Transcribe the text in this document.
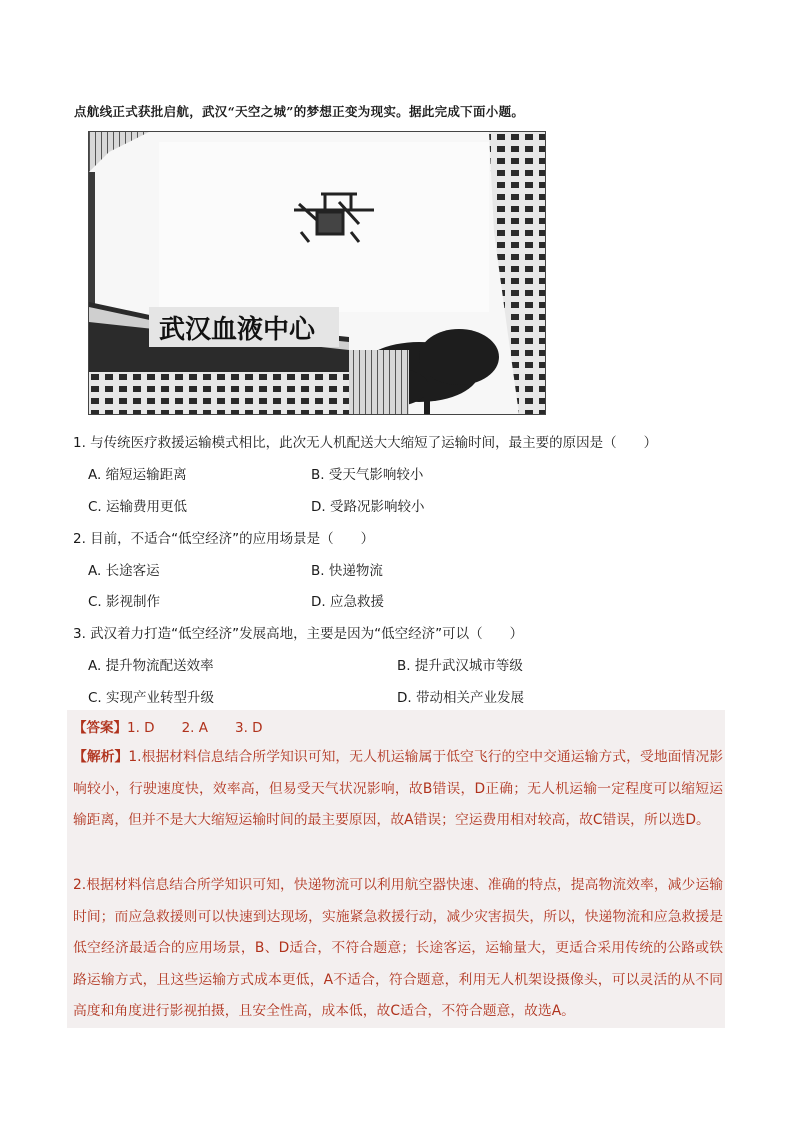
点航线正式获批启航，武汉“天空之城”的梦想正变为现实。据此完成下面小题。
武汉血液中心
1. 与传统医疗救援运输模式相比，此次无人机配送大大缩短了运输时间，最主要的原因是（　　）
A. 缩短运输距离	B. 受天气影响较小
C. 运输费用更低	D. 受路况影响较小
2. 目前，不适合“低空经济”的应用场景是（　　）
A. 长途客运	B. 快递物流
C. 影视制作	D. 应急救援
3. 武汉着力打造“低空经济”发展高地，主要是因为“低空经济”可以（　　）
A. 提升物流配送效率	B. 提升武汉城市等级
C. 实现产业转型升级	D. 带动相关产业发展
【答案】1. D　　2. A　　3. D
【解析】1.根据材料信息结合所学知识可知，无人机运输属于低空飞行的空中交通运输方式，受地面情况影响较小，行驶速度快，效率高，但易受天气状况影响，故B错误，D正确；无人机运输一定程度可以缩短运输距离，但并不是大大缩短运输时间的最主要原因，故A错误；空运费用相对较高，故C错误，所以选D。
2.根据材料信息结合所学知识可知，快递物流可以利用航空器快速、准确的特点，提高物流效率，减少运输时间；而应急救援则可以快速到达现场，实施紧急救援行动，减少灾害损失，所以，快递物流和应急救援是低空经济最适合的应用场景，B、D适合，不符合题意；长途客运，运输量大，更适合采用传统的公路或铁路运输方式，且这些运输方式成本更低，A不适合，符合题意，利用无人机架设摄像头，可以灵活的从不同高度和角度进行影视拍摄，且安全性高，成本低，故C适合，不符合题意，故选A。
